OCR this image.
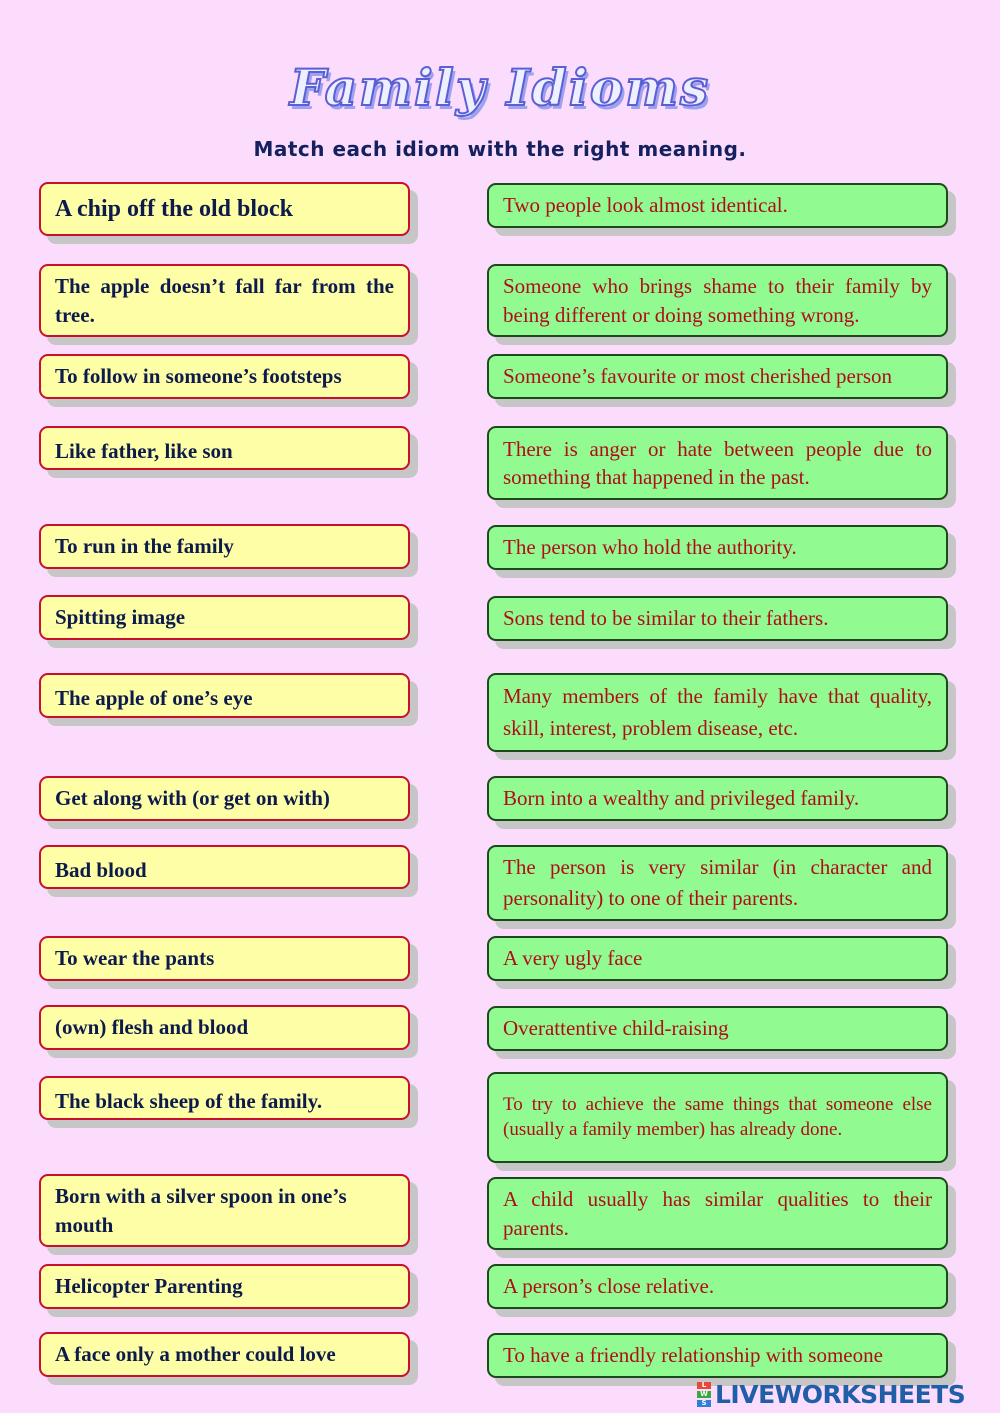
Family Idioms
Match each idiom with the right meaning.
A chip off the old block
The apple doesn’t fall far from the tree.
To follow in someone’s footsteps
Like father, like son
To run in the family
Spitting image
The apple of one’s eye
Get along with (or get on with)
Bad blood
To wear the pants
(own) flesh and blood
The black sheep of the family.
Born with a silver spoon in one’s mouth
Helicopter Parenting
A face only a mother could love
Two people look almost identical.
Someone who brings shame to their family by being different or doing something wrong.
Someone’s favourite or most cherished person
There is anger or hate between people due to something that happened in the past.
The person who hold the authority.
Sons tend to be similar to their fathers.
Many members of the family have that quality, skill, interest, problem disease, etc.
Born into a wealthy and privileged family.
The person is very similar (in character and personality) to one of their parents.
A very ugly face
Overattentive child-raising
To try to achieve the same things that someone else (usually a family member) has already done.
A child usually has similar qualities to their parents.
A person’s close relative.
To have a friendly relationship with someone
L
W
S LIVEWORKSHEETS
